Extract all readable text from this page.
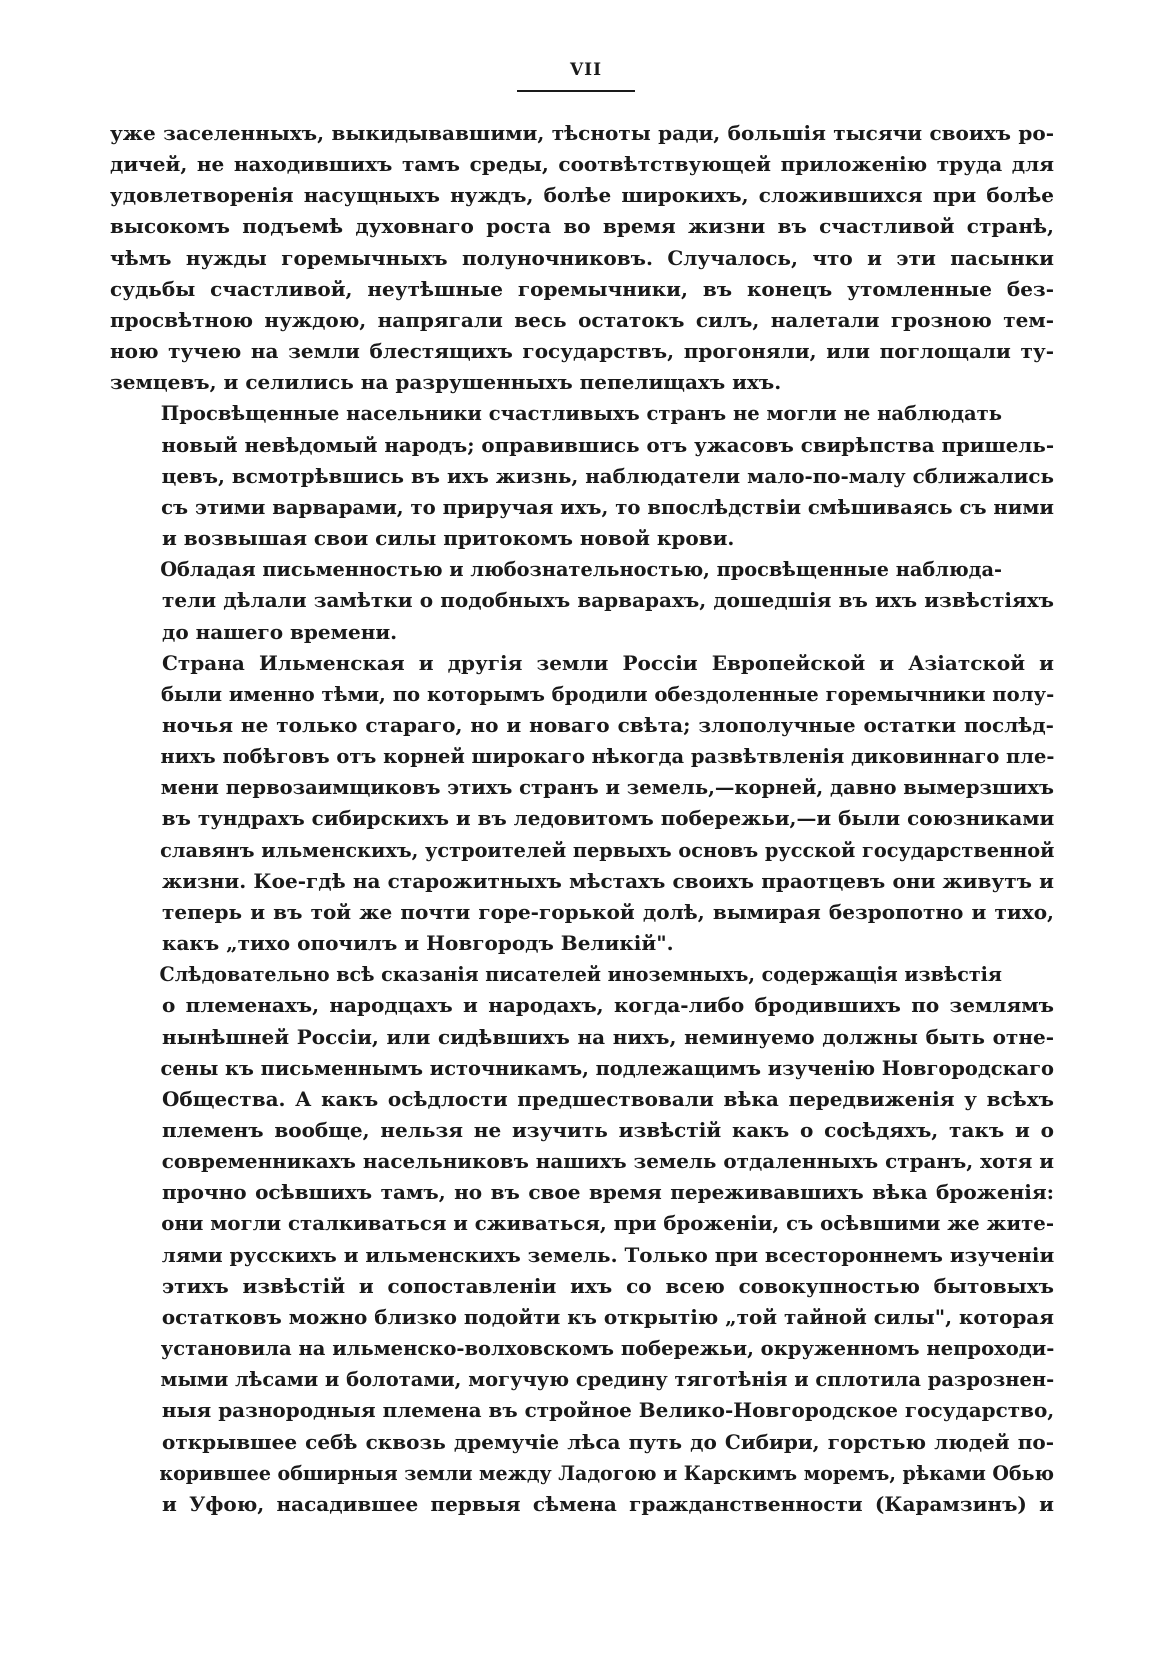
VII
уже заселенныхъ, выкидывавшими, тѣсноты ради, большія тысячи своихъ ро-
дичей, не находившихъ тамъ среды, соотвѣтствующей приложенію труда для
удовлетворенія насущныхъ нуждъ, болѣе широкихъ, сложившихся при болѣе
высокомъ подъемѣ духовнаго роста во время жизни въ счастливой странѣ,
чѣмъ нужды горемычныхъ полуночниковъ. Случалось, что и эти пасынки
судьбы счастливой, неутѣшные горемычники, въ конецъ утомленные без-
просвѣтною нуждою, напрягали весь остатокъ силъ, налетали грозною тем-
ною тучею на земли блестящихъ государствъ, прогоняли, или поглощали ту-
земцевъ, и селились на разрушенныхъ пепелищахъ ихъ.
Просвѣщенные насельники счастливыхъ странъ не могли не наблюдать
новый невѣдомый народъ; оправившись отъ ужасовъ свирѣпства пришель-
цевъ, всмотрѣвшись въ ихъ жизнь, наблюдатели мало-по-малу сближались
съ этими варварами, то приручая ихъ, то впослѣдствіи смѣшиваясь съ ними
и возвышая свои силы притокомъ новой крови.
Обладая письменностью и любознательностью, просвѣщенные наблюда-
тели дѣлали замѣтки о подобныхъ варварахъ, дошедшія въ ихъ извѣстіяхъ
до нашего времени.
Страна Ильменская и другія земли Россіи Европейской и Азіатской и
были именно тѣми, по которымъ бродили обездоленные горемычники полу-
ночья не только стараго, но и новаго свѣта; злополучные остатки послѣд-
нихъ побѣговъ отъ корней широкаго нѣкогда развѣтвленія диковиннаго пле-
мени первозаимщиковъ этихъ странъ и земель,—корней, давно вымерзшихъ
въ тундрахъ сибирскихъ и въ ледовитомъ побережьи,—и были союзниками
славянъ ильменскихъ, устроителей первыхъ основъ русской государственной
жизни. Кое-гдѣ на старожитныхъ мѣстахъ своихъ праотцевъ они живутъ и
теперь и въ той же почти горе-горькой долѣ, вымирая безропотно и тихо,
какъ „тихо опочилъ и Новгородъ Великій".
Слѣдовательно всѣ сказанія писателей иноземныхъ, содержащія извѣстія
о племенахъ, народцахъ и народахъ, когда-либо бродившихъ по землямъ
нынѣшней Россіи, или сидѣвшихъ на нихъ, неминуемо должны быть отне-
сены къ письменнымъ источникамъ, подлежащимъ изученію Новгородскаго
Общества. А какъ осѣдлости предшествовали вѣка передвиженія у всѣхъ
племенъ вообще, нельзя не изучить извѣстій какъ о сосѣдяхъ, такъ и о
современникахъ насельниковъ нашихъ земель отдаленныхъ странъ, хотя и
прочно осѣвшихъ тамъ, но въ свое время переживавшихъ вѣка броженія:
они могли сталкиваться и сживаться, при броженіи, съ осѣвшими же жите-
лями русскихъ и ильменскихъ земель. Только при всестороннемъ изученіи
этихъ извѣстій и сопоставленіи ихъ со всею совокупностью бытовыхъ
остатковъ можно близко подойти къ открытію „той тайной силы", которая
установила на ильменско-волховскомъ побережьи, окруженномъ непроходи-
мыми лѣсами и болотами, могучую средину тяготѣнія и сплотила разрознен-
ныя разнородныя племена въ стройное Велико-Новгородское государство,
открывшее себѣ сквозь дремучіе лѣса путь до Сибири, горстью людей по-
корившее обширныя земли между Ладогою и Карскимъ моремъ, рѣками Обью
и Уфою, насадившее первыя сѣмена гражданственности (Карамзинъ) и
